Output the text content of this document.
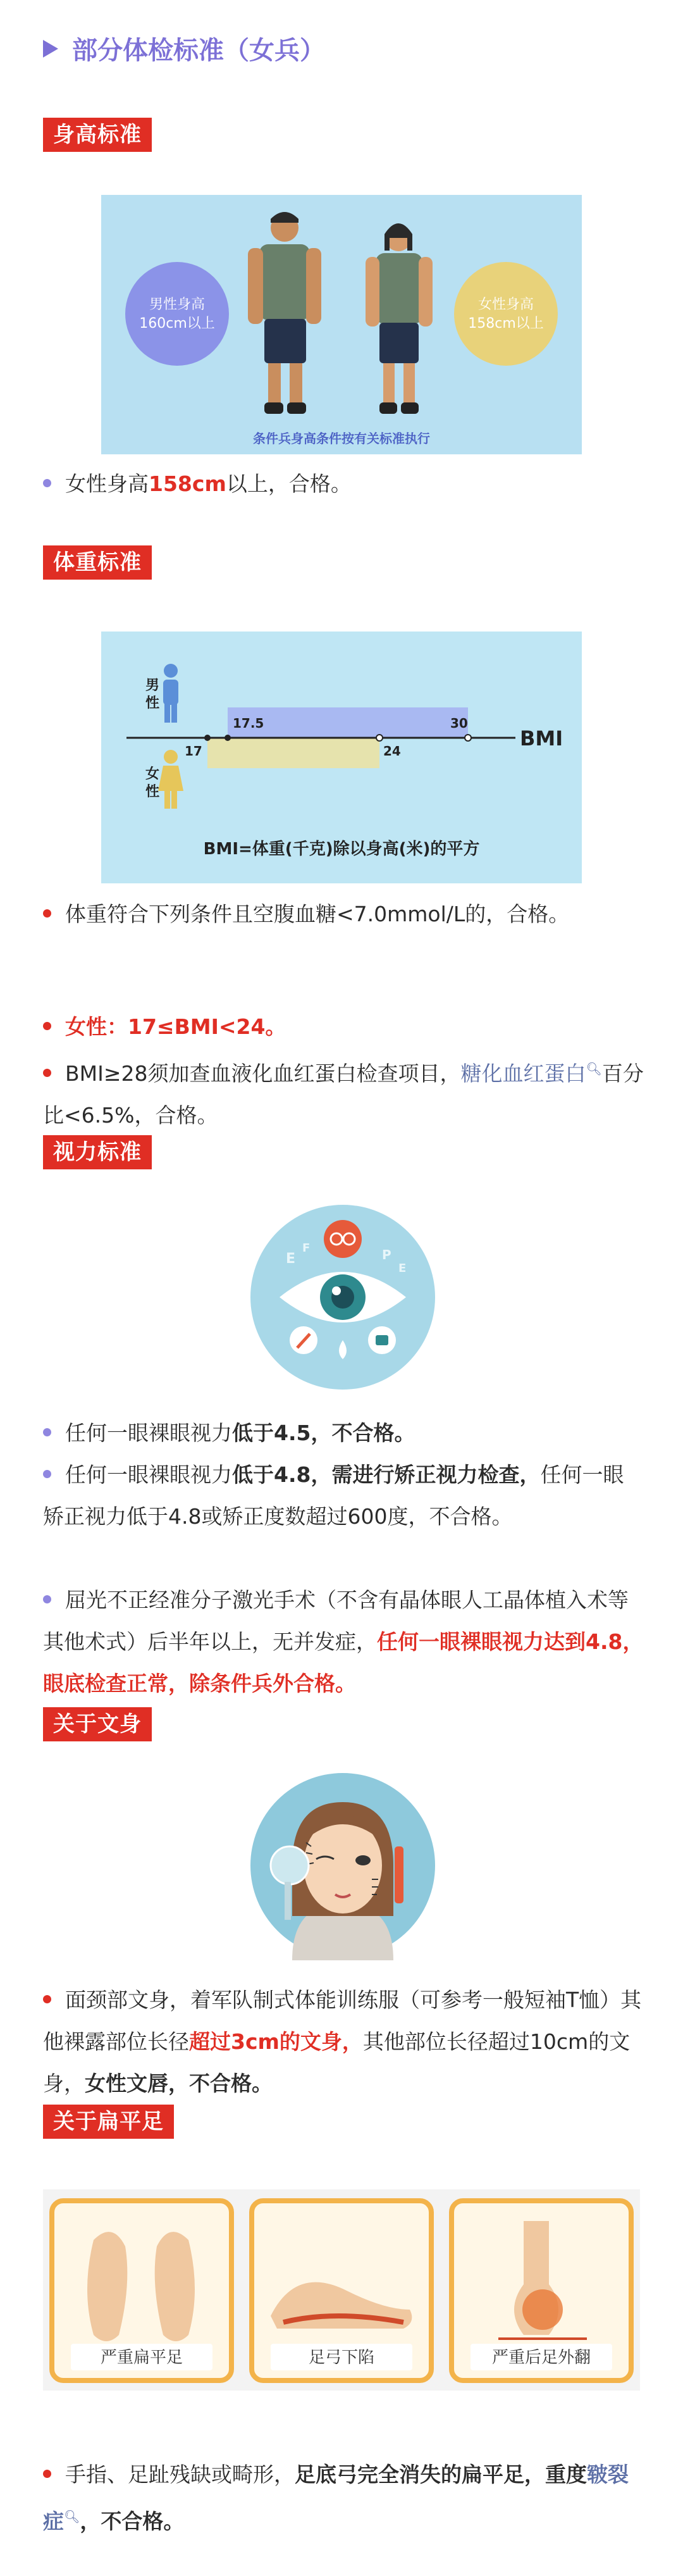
部分体检标准（女兵）
身高标准
男性身高
160cm以上
女性身高
158cm以上
条件兵身高条件按有关标准执行
女性身高158cm以上，合格。
体重标准
男
性
女
性
17.5	30
17	24
BMI
BMI=体重(千克)除以身高(米)的平方
体重符合下列条件且空腹血糖<7.0mmol/L的，合格。
女性：17≤BMI<24。
BMI≥28须加查血液化血红蛋白检查项目，糖化血红蛋白🔍︎百分比<6.5%，合格。
视力标准
E
F	P
E
任何一眼裸眼视力低于4.5，不合格。
任何一眼裸眼视力低于4.8，需进行矫正视力检查，任何一眼矫正视力低于4.8或矫正度数超过600度，不合格。
屈光不正经准分子激光手术（不含有晶体眼人工晶体植入术等其他术式）后半年以上，无并发症，任何一眼裸眼视力达到4.8，眼底检查正常，除条件兵外合格。
关于文身
面颈部文身，着军队制式体能训练服（可参考一般短袖T恤）其他裸露部位长径超过3cm的文身，其他部位长径超过10cm的文身，女性文唇，不合格。
关于扁平足
严重扁平足	足弓下陷	严重后足外翻
手指、足趾残缺或畸形，足底弓完全消失的扁平足，重度皲裂症🔍︎，不合格。
